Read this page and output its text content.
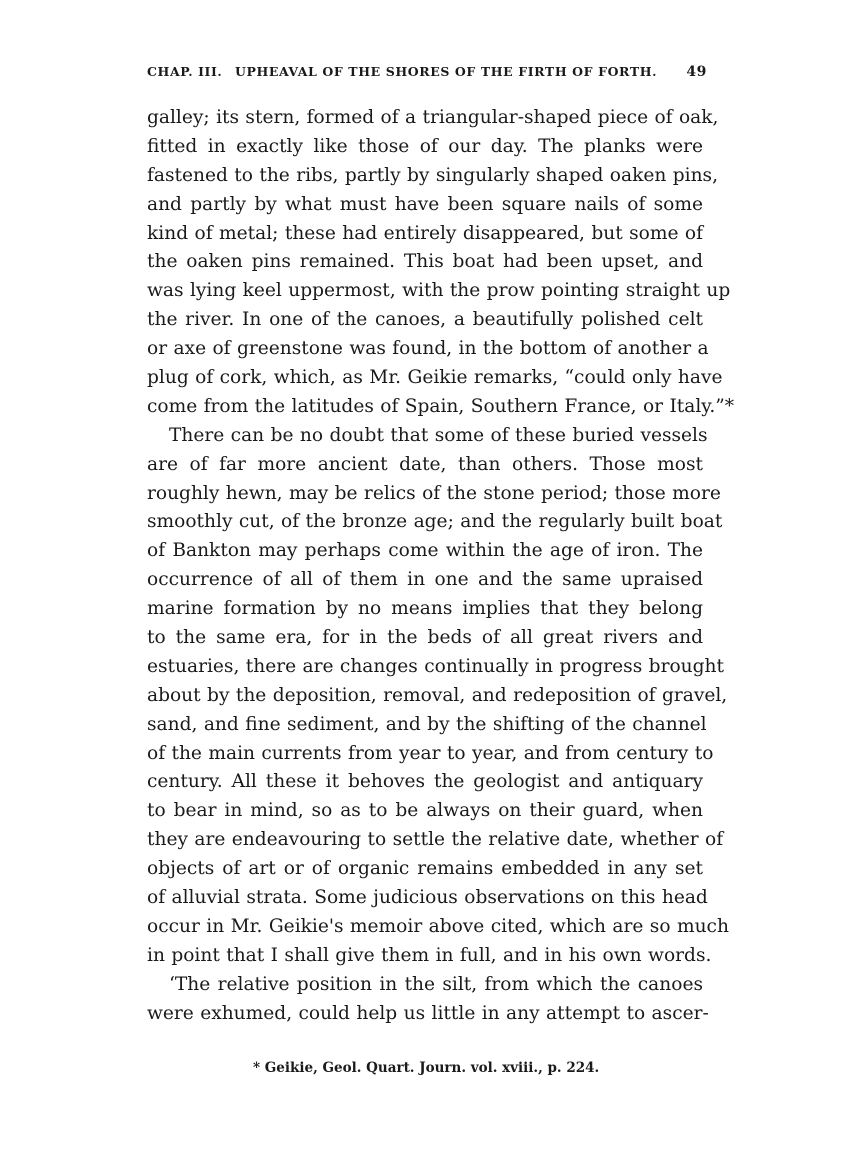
CHAP. III. UPHEAVAL OF THE SHORES OF THE FIRTH OF FORTH. 49
galley; its stern, formed of a triangular-shaped piece of oak,
fitted in exactly like those of our day. The planks were
fastened to the ribs, partly by singularly shaped oaken pins,
and partly by what must have been square nails of some
kind of metal; these had entirely disappeared, but some of
the oaken pins remained. This boat had been upset, and
was lying keel uppermost, with the prow pointing straight up
the river. In one of the canoes, a beautifully polished celt
or axe of greenstone was found, in the bottom of another a
plug of cork, which, as Mr. Geikie remarks, “could only have
come from the latitudes of Spain, Southern France, or Italy.”*
There can be no doubt that some of these buried vessels
are of far more ancient date, than others. Those most
roughly hewn, may be relics of the stone period; those more
smoothly cut, of the bronze age; and the regularly built boat
of Bankton may perhaps come within the age of iron. The
occurrence of all of them in one and the same upraised
marine formation by no means implies that they belong
to the same era, for in the beds of all great rivers and
estuaries, there are changes continually in progress brought
about by the deposition, removal, and redeposition of gravel,
sand, and fine sediment, and by the shifting of the channel
of the main currents from year to year, and from century to
century. All these it behoves the geologist and antiquary
to bear in mind, so as to be always on their guard, when
they are endeavouring to settle the relative date, whether of
objects of art or of organic remains embedded in any set
of alluvial strata. Some judicious observations on this head
occur in Mr. Geikie's memoir above cited, which are so much
in point that I shall give them in full, and in his own words.
‘The relative position in the silt, from which the canoes
were exhumed, could help us little in any attempt to ascer-
* Geikie, Geol. Quart. Journ. vol. xviii., p. 224.
